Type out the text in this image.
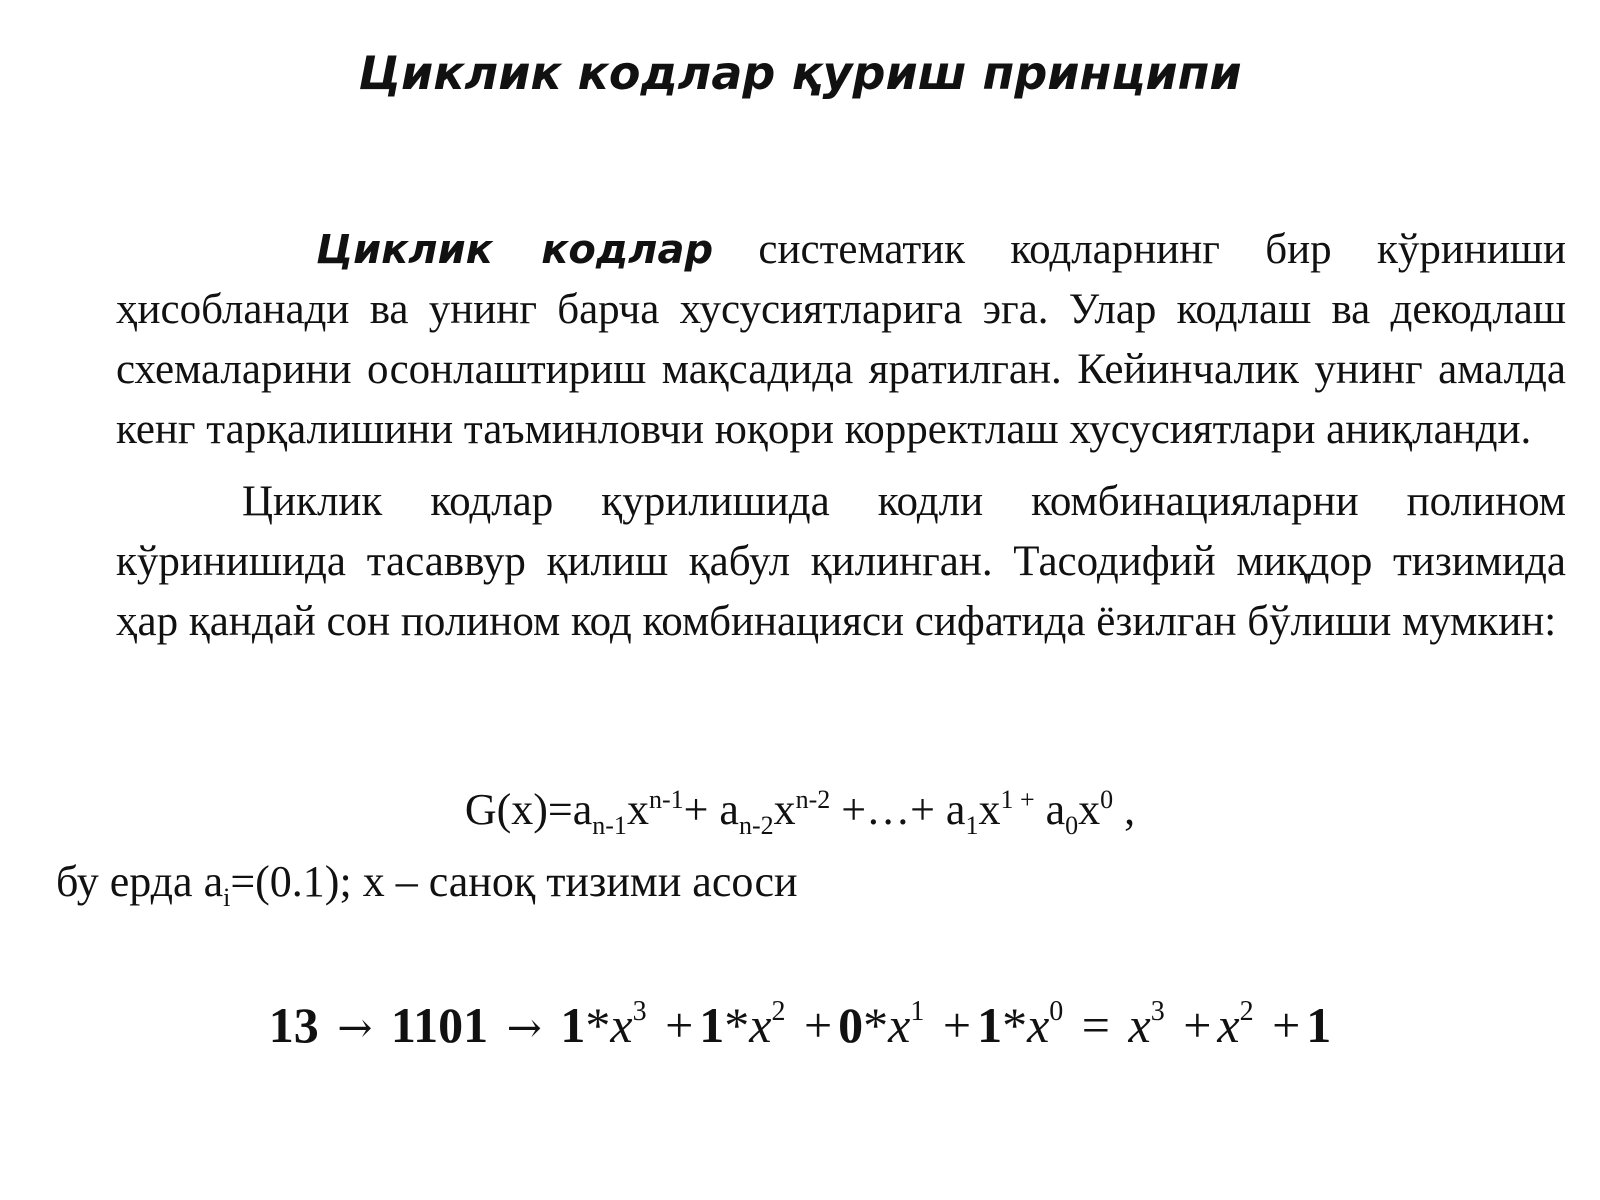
Циклик кодлар қуриш принципи

Циклик кодлар систематик кодларнинг бир кўриниши ҳисобланади ва унинг барча хусусиятларига эга. Улар кодлаш ва декодлаш схемаларини осонлаштириш мақсадида яратилган. Кейинчалик унинг амалда кенг тарқалишини таъминловчи юқори корректлаш хусусиятлари аниқланди.

Циклик кодлар қурилишида кодли комбинацияларни полином кўринишида тасаввур қилиш қабул қилинган. Тасодифий миқдор тизимида ҳар қандай сон полином код комбинацияси сифатида ёзилган бўлиши мумкин:

$G(x)=a_{n-1}x^{n-1}+ a_{n-2}x^{n-2}$ +…+ $a_1x^{1 +}$ $a_0x^0$ ,
бу ерда $a_i=(0.1)$; x – саноқ тизими асоси
$13 \to 1101 \to 1*x^3 + 1*x^2 + 0*x^1 + 1*x^0 = x^3 + x^2 + 1$
